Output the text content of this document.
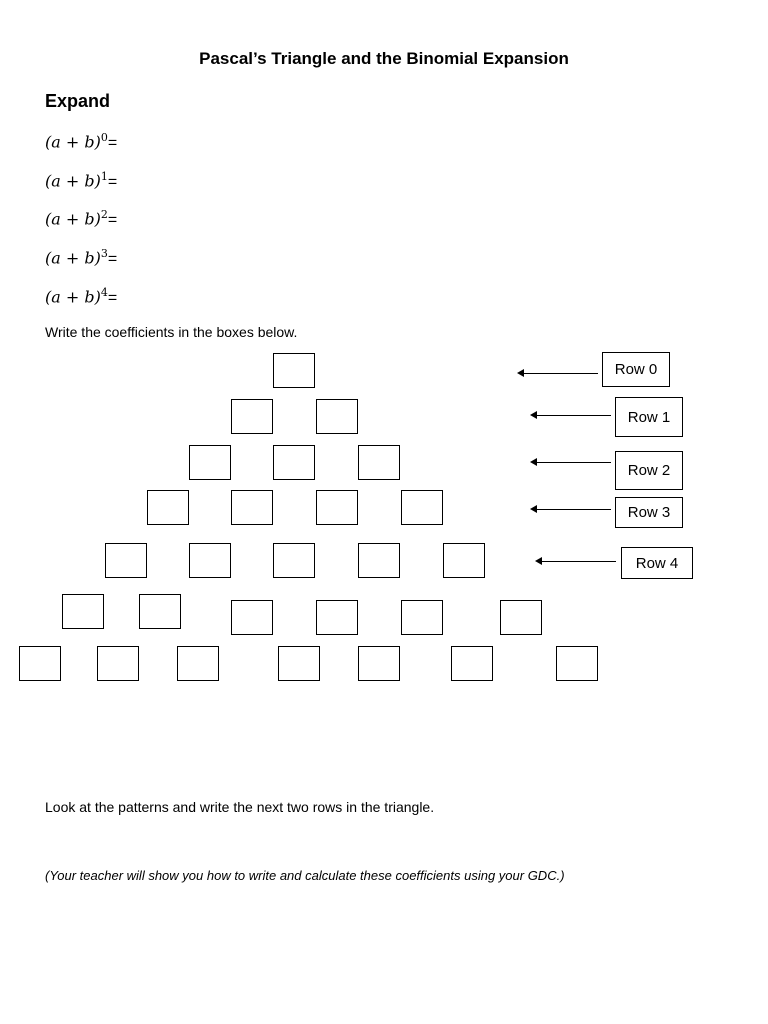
Pascal’s Triangle and the Binomial Expansion
Expand
$(a + b)^0=$
$(a + b)^1=$
$(a + b)^2=$
$(a + b)^3=$
$(a + b)^4=$
Write the coefficients in the boxes below.
Row 0
Row 1
Row 2
Row 3
Row 4
Look at the patterns and write the next two rows in the triangle.
(Your teacher will show you how to write and calculate these coefficients using your GDC.)
